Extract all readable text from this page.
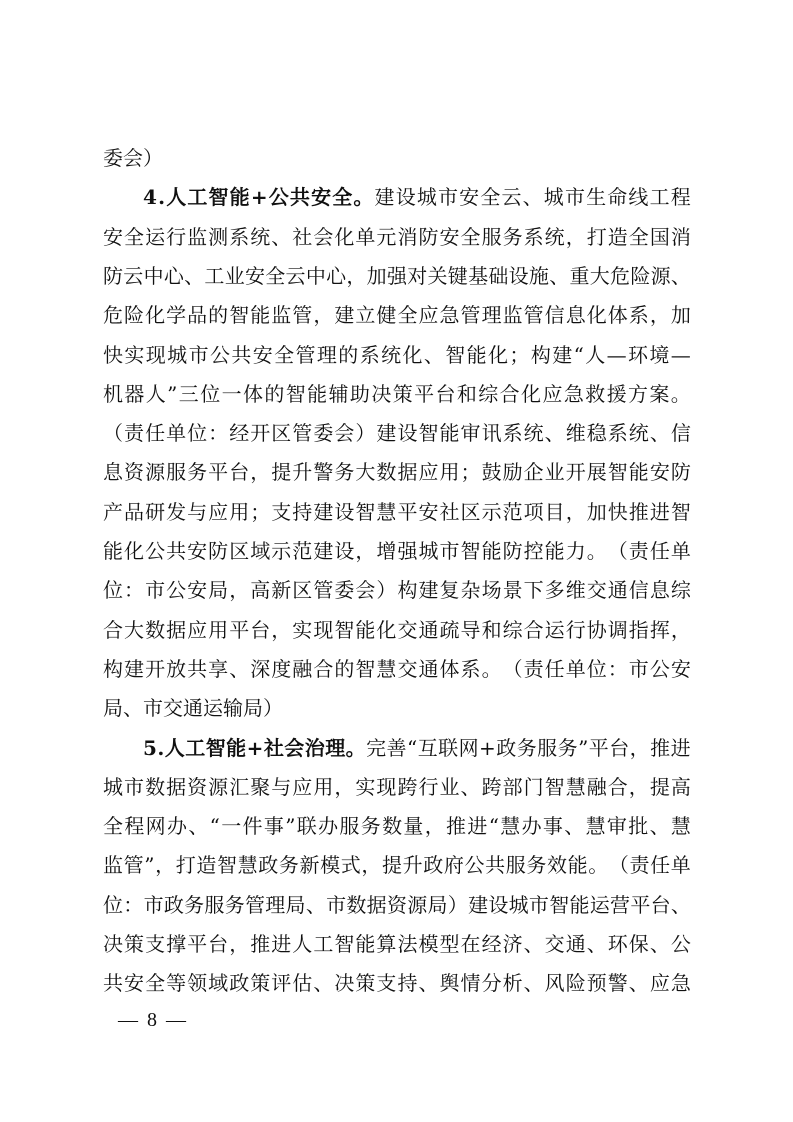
委 会 ）
4 . 人 工 智 能 + 公 共 安 全 。 建 设 城 市 安 全 云 、 城 市 生 命 线 工 程
安 全 运 行 监 测 系 统 、 社 会 化 单 元 消 防 安 全 服 务 系 统 ， 打 造 全 国 消
防 云 中 心 、 工 业 安 全 云 中 心 ， 加 强 对 关 键 基 础 设 施 、 重 大 危 险 源 、
危 险 化 学 品 的 智 能 监 管 ， 建 立 健 全 应 急 管 理 监 管 信 息 化 体 系 ， 加
快 实 现 城 市 公 共 安 全 管 理 的 系 统 化 、 智 能 化 ； 构 建 “ 人 — 环 境 —
机 器 人 ” 三 位 一 体 的 智 能 辅 助 决 策 平 台 和 综 合 化 应 急 救 援 方 案 。
（ 责 任 单 位 ： 经 开 区 管 委 会 ） 建 设 智 能 审 讯 系 统 、 维 稳 系 统 、 信
息 资 源 服 务 平 台 ， 提 升 警 务 大 数 据 应 用 ； 鼓 励 企 业 开 展 智 能 安 防
产 品 研 发 与 应 用 ； 支 持 建 设 智 慧 平 安 社 区 示 范 项 目 ， 加 快 推 进 智
能 化 公 共 安 防 区 域 示 范 建 设 ， 增 强 城 市 智 能 防 控 能 力 。 （ 责 任 单
位 ： 市 公 安 局 ， 高 新 区 管 委 会 ） 构 建 复 杂 场 景 下 多 维 交 通 信 息 综
合 大 数 据 应 用 平 台 ， 实 现 智 能 化 交 通 疏 导 和 综 合 运 行 协 调 指 挥 ，
构 建 开 放 共 享 、 深 度 融 合 的 智 慧 交 通 体 系 。 （ 责 任 单 位 ： 市 公 安
局 、 市 交 通 运 输 局 ）
5 . 人 工 智 能 + 社 会 治 理 。 完 善 “ 互 联 网 + 政 务 服 务 ” 平 台 ， 推 进
城 市 数 据 资 源 汇 聚 与 应 用 ， 实 现 跨 行 业 、 跨 部 门 智 慧 融 合 ， 提 高
全 程 网 办 、 “ 一 件 事 ” 联 办 服 务 数 量 ， 推 进 “ 慧 办 事 、 慧 审 批 、 慧
监 管 ” ， 打 造 智 慧 政 务 新 模 式 ， 提 升 政 府 公 共 服 务 效 能 。 （ 责 任 单
位 ： 市 政 务 服 务 管 理 局 、 市 数 据 资 源 局 ） 建 设 城 市 智 能 运 营 平 台 、
决 策 支 撑 平 台 ， 推 进 人 工 智 能 算 法 模 型 在 经 济 、 交 通 、 环 保 、 公
共 安 全 等 领 域 政 策 评 估 、 决 策 支 持 、 舆 情 分 析 、 风 险 预 警 、 应 急
— 8 —
